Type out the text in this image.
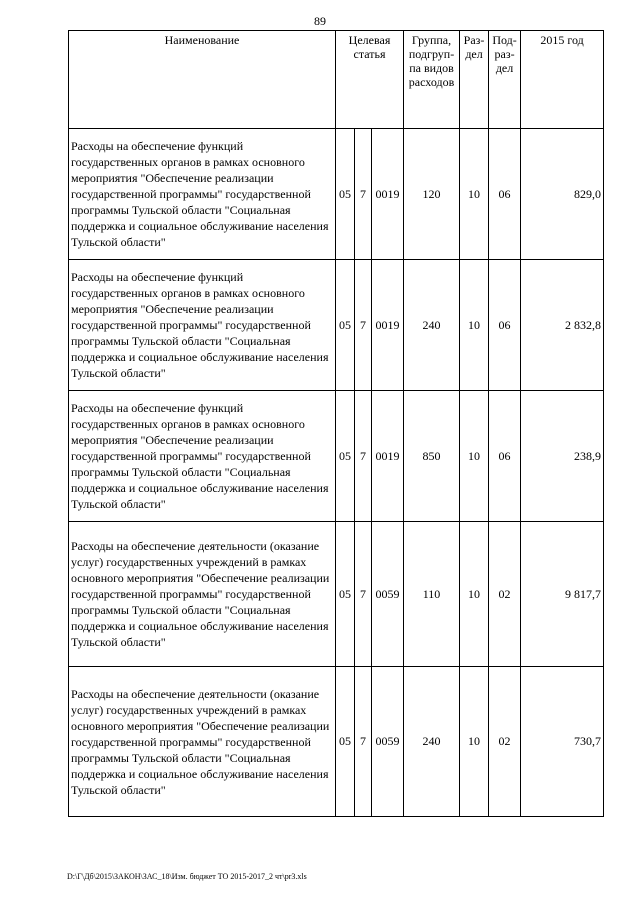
89
Наименование	Целевая статья			Группа, подгруп-па видов расходов	Раз-дел	Под-раз-дел	2015 год
Расходы на обеспечение функций государственных органов в рамках основного мероприятия "Обеспечение реализации государственной программы" государственной программы Тульской области "Социальная поддержка и социальное обслуживание населения Тульской области"	05	7	0019	120	10	06	829,0
Расходы на обеспечение функций государственных органов в рамках основного мероприятия "Обеспечение реализации государственной программы" государственной программы Тульской области "Социальная поддержка и социальное обслуживание населения Тульской области"	05	7	0019	240	10	06	2 832,8
Расходы на обеспечение функций государственных органов в рамках основного мероприятия "Обеспечение реализации государственной программы" государственной программы Тульской области "Социальная поддержка и социальное обслуживание населения Тульской области"	05	7	0019	850	10	06	238,9
Расходы на обеспечение деятельности (оказание услуг) государственных учреждений в рамках основного мероприятия "Обеспечение реализации государственной программы" государственной программы Тульской области "Социальная поддержка и социальное обслуживание населения Тульской области"	05	7	0059	110	10	02	9 817,7
Расходы на обеспечение деятельности (оказание услуг) государственных учреждений в рамках основного мероприятия "Обеспечение реализации государственной программы" государственной программы Тульской области "Социальная поддержка и социальное обслуживание населения Тульской области"	05	7	0059	240	10	02	730,7
D:\Г\Дб\2015\ЗАКОН\ЗАС_18\Изм. бюджет ТО 2015-2017_2 чт\pr3.xls
